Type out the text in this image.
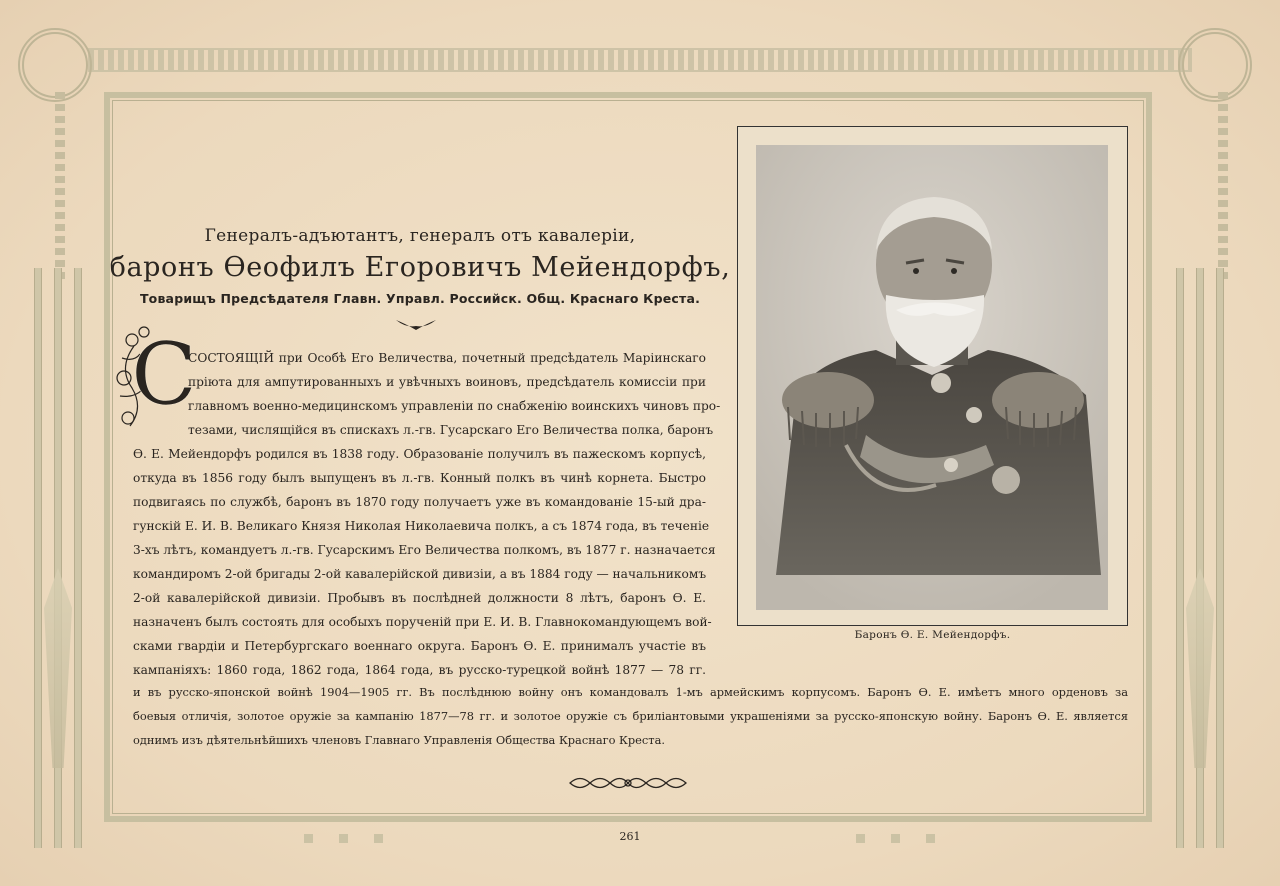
Генералъ-адъютантъ, генералъ отъ кавалерiи,
баронъ Өеофилъ Егоровичъ Мейендорфъ,
Товарищъ Предсѣдателя Главн. Управл. Российск. Общ. Краснаго Креста.
С
СОСТОЯЩIЙ при Особѣ Его Величества, почетный предсѣдатель Марiинскаго
прiюта для ампутированныхъ и увѣчныхъ воиновъ, предсѣдатель комиссiи при
главномъ военно-медицинскомъ управленiи по снабженiю воинскихъ чиновъ про-
тезами, числящiйся въ спискахъ л.-гв. Гусарскаго Его Величества полка, баронъ
Ө. Е. Мейендорфъ родился въ 1838 году. Образованiе получилъ въ пажескомъ корпусѣ,
откуда въ 1856 году былъ выпущенъ въ л.-гв. Конный полкъ въ чинѣ корнета. Быстро
подвигаясь по службѣ, баронъ въ 1870 году получаетъ уже въ командованiе 15-ый дра-
гунскiй Е. И. В. Великаго Князя Николая Николаевича полкъ, а съ 1874 года, въ теченiе
3-хъ лѣтъ, командуетъ л.-гв. Гусарскимъ Его Величества полкомъ, въ 1877 г. назначается
командиромъ 2-ой бригады 2-ой кавалерiйской дивизiи, а въ 1884 году — начальникомъ
2-ой кавалерiйской дивизiи. Пробывъ въ послѣдней должности 8 лѣтъ, баронъ Ө. Е.
назначенъ былъ состоять для особыхъ порученiй при Е. И. В. Главнокомандующемъ вой-
сками гвардiи и Петербургскаго военнаго округа. Баронъ Ө. Е. принималъ участiе въ
кампанiяхъ: 1860 года, 1862 года, 1864 года, въ русско-турецкой войнѣ 1877 — 78 гг.
и въ русско-японской войнѣ 1904—1905 гг. Въ послѣднюю войну онъ командовалъ 1-мъ армейскимъ корпусомъ. Баронъ Ө. Е. имѣетъ много орденовъ за
боевыя отличiя, золотое оружiе за кампанiю 1877—78 гг. и золотое оружiе съ брилiантовыми украшенiями за русско-японскую войну. Баронъ Ө. Е. является
однимъ изъ дѣятельнѣйшихъ членовъ Главнаго Управленiя Общества Краснаго Креста.
Баронъ Ө. Е. Мейендорфъ.
261
